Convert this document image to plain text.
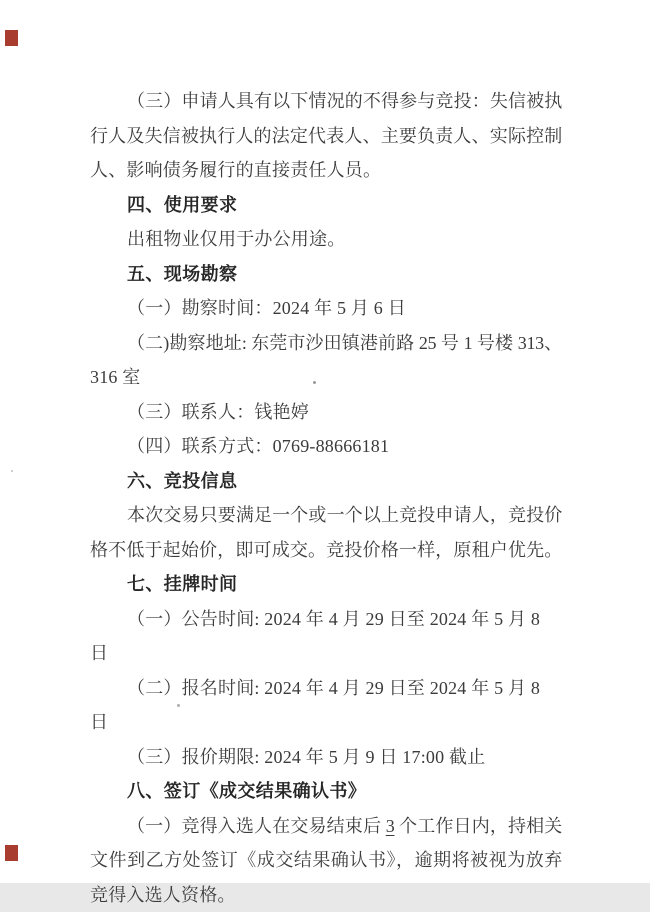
（三）申请人具有以下情况的不得参与竞投：失信被执
行人及失信被执行人的法定代表人、主要负责人、实际控制
人、影响债务履行的直接责任人员。
四、使用要求
出租物业仅用于办公用途。
五、现场勘察
（一）勘察时间：2024 年 5 月 6 日
（二)勘察地址: 东莞市沙田镇港前路 25 号 1 号楼 313、
316 室
（三）联系人：钱艳婷
（四）联系方式：0769-88666181
六、竞投信息
本次交易只要满足一个或一个以上竞投申请人，竞投价
格不低于起始价，即可成交。竞投价格一样，原租户优先。
七、挂牌时间
（一）公告时间: 2024 年 4 月 29 日至 2024 年 5 月 8 日
（二）报名时间: 2024 年 4 月 29 日至 2024 年 5 月 8 日
（三）报价期限: 2024 年 5 月 9 日 17:00 截止
八、签订《成交结果确认书》
（一）竞得入选人在交易结束后 3 个工作日内，持相关
文件到乙方处签订《成交结果确认书》，逾期将被视为放弃
竞得入选人资格。
